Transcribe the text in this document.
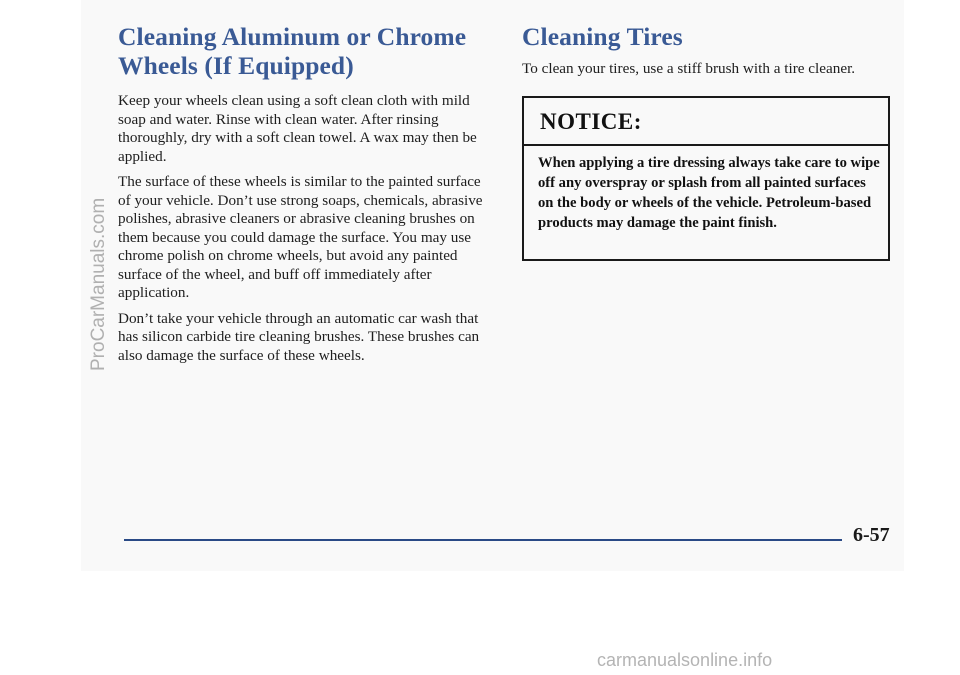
Cleaning Aluminum or Chrome Wheels (If Equipped)

Keep your wheels clean using a soft clean cloth with mild soap and water. Rinse with clean water. After rinsing thoroughly, dry with a soft clean towel. A wax may then be applied.

The surface of these wheels is similar to the painted surface of your vehicle. Don’t use strong soaps, chemicals, abrasive polishes, abrasive cleaners or abrasive cleaning brushes on them because you could damage the surface. You may use chrome polish on chrome wheels, but avoid any painted surface of the wheel, and buff off immediately after application.

Don’t take your vehicle through an automatic car wash that has silicon carbide tire cleaning brushes. These brushes can also damage the surface of these wheels.

Cleaning Tires

To clean your tires, use a stiff brush with a tire cleaner.

NOTICE:
When applying a tire dressing always take care to wipe off any overspray or splash from all painted surfaces on the body or wheels of the vehicle. Petroleum-based products may damage the paint finish.
6-57
ProCarManuals.com
carmanualsonline.info
